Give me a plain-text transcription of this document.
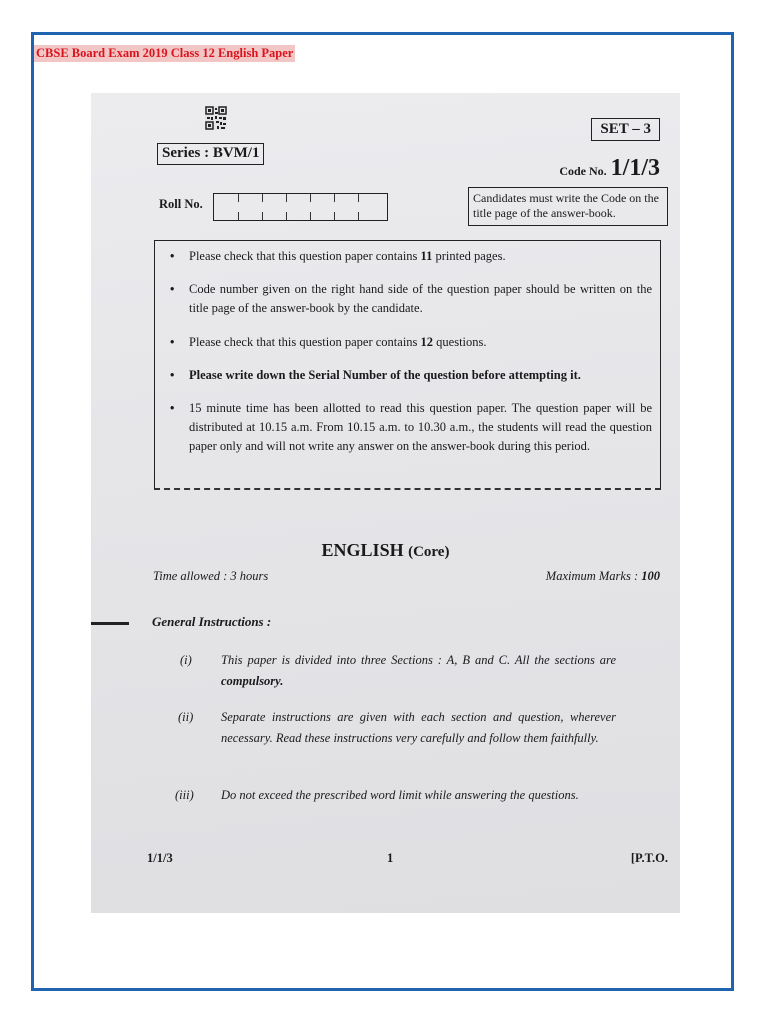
CBSE Board Exam 2019 Class 12 English Paper
Series : BVM/1
SET – 3
Code No. 1/1/3
Roll No.	Candidates must write the Code on the title page of the answer-book.
• Please check that this question paper contains 11 printed pages.
• Code number given on the right hand side of the question paper should be written on the title page of the answer-book by the candidate.
• Please check that this question paper contains 12 questions.
• Please write down the Serial Number of the question before attempting it.
• 15 minute time has been allotted to read this question paper. The question paper will be distributed at 10.15 a.m. From 10.15 a.m. to 10.30 a.m., the students will read the question paper only and will not write any answer on the answer-book during this period.
ENGLISH (Core)
Time allowed : 3 hours	Maximum Marks : 100
General Instructions :
(i) This paper is divided into three Sections : A, B and C. All the sections are compulsory.
(ii) Separate instructions are given with each section and question, wherever necessary. Read these instructions very carefully and follow them faithfully.
(iii) Do not exceed the prescribed word limit while answering the questions.
1/1/3	1	[P.T.O.
